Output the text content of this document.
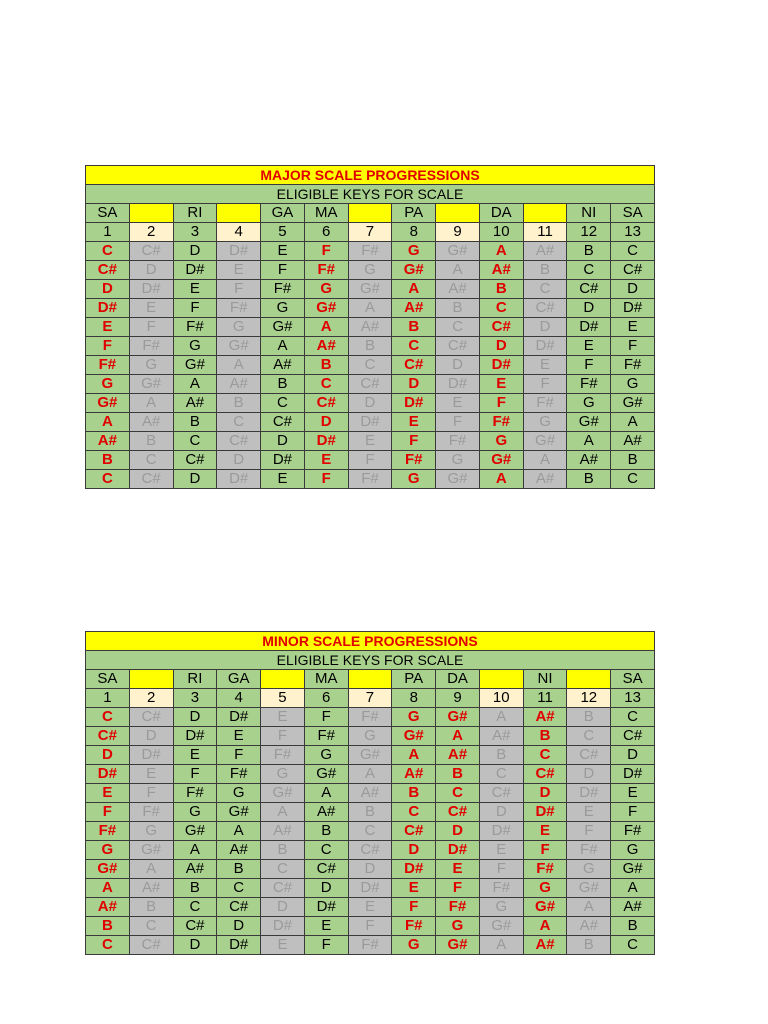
MAJOR SCALE PROGRESSIONS												
ELIGIBLE KEYS FOR SCALE												
SA		RI		GA	MA		PA		DA		NI	SA
1	2	3	4	5	6	7	8	9	10	11	12	13
C	C#	D	D#	E	F	F#	G	G#	A	A#	B	C
C#	D	D#	E	F	F#	G	G#	A	A#	B	C	C#
D	D#	E	F	F#	G	G#	A	A#	B	C	C#	D
D#	E	F	F#	G	G#	A	A#	B	C	C#	D	D#
E	F	F#	G	G#	A	A#	B	C	C#	D	D#	E
F	F#	G	G#	A	A#	B	C	C#	D	D#	E	F
F#	G	G#	A	A#	B	C	C#	D	D#	E	F	F#
G	G#	A	A#	B	C	C#	D	D#	E	F	F#	G
G#	A	A#	B	C	C#	D	D#	E	F	F#	G	G#
A	A#	B	C	C#	D	D#	E	F	F#	G	G#	A
A#	B	C	C#	D	D#	E	F	F#	G	G#	A	A#
B	C	C#	D	D#	E	F	F#	G	G#	A	A#	B
C	C#	D	D#	E	F	F#	G	G#	A	A#	B	C
MINOR SCALE PROGRESSIONS												
ELIGIBLE KEYS FOR SCALE												
SA		RI	GA		MA		PA	DA		NI		SA
1	2	3	4	5	6	7	8	9	10	11	12	13
C	C#	D	D#	E	F	F#	G	G#	A	A#	B	C
C#	D	D#	E	F	F#	G	G#	A	A#	B	C	C#
D	D#	E	F	F#	G	G#	A	A#	B	C	C#	D
D#	E	F	F#	G	G#	A	A#	B	C	C#	D	D#
E	F	F#	G	G#	A	A#	B	C	C#	D	D#	E
F	F#	G	G#	A	A#	B	C	C#	D	D#	E	F
F#	G	G#	A	A#	B	C	C#	D	D#	E	F	F#
G	G#	A	A#	B	C	C#	D	D#	E	F	F#	G
G#	A	A#	B	C	C#	D	D#	E	F	F#	G	G#
A	A#	B	C	C#	D	D#	E	F	F#	G	G#	A
A#	B	C	C#	D	D#	E	F	F#	G	G#	A	A#
B	C	C#	D	D#	E	F	F#	G	G#	A	A#	B
C	C#	D	D#	E	F	F#	G	G#	A	A#	B	C
